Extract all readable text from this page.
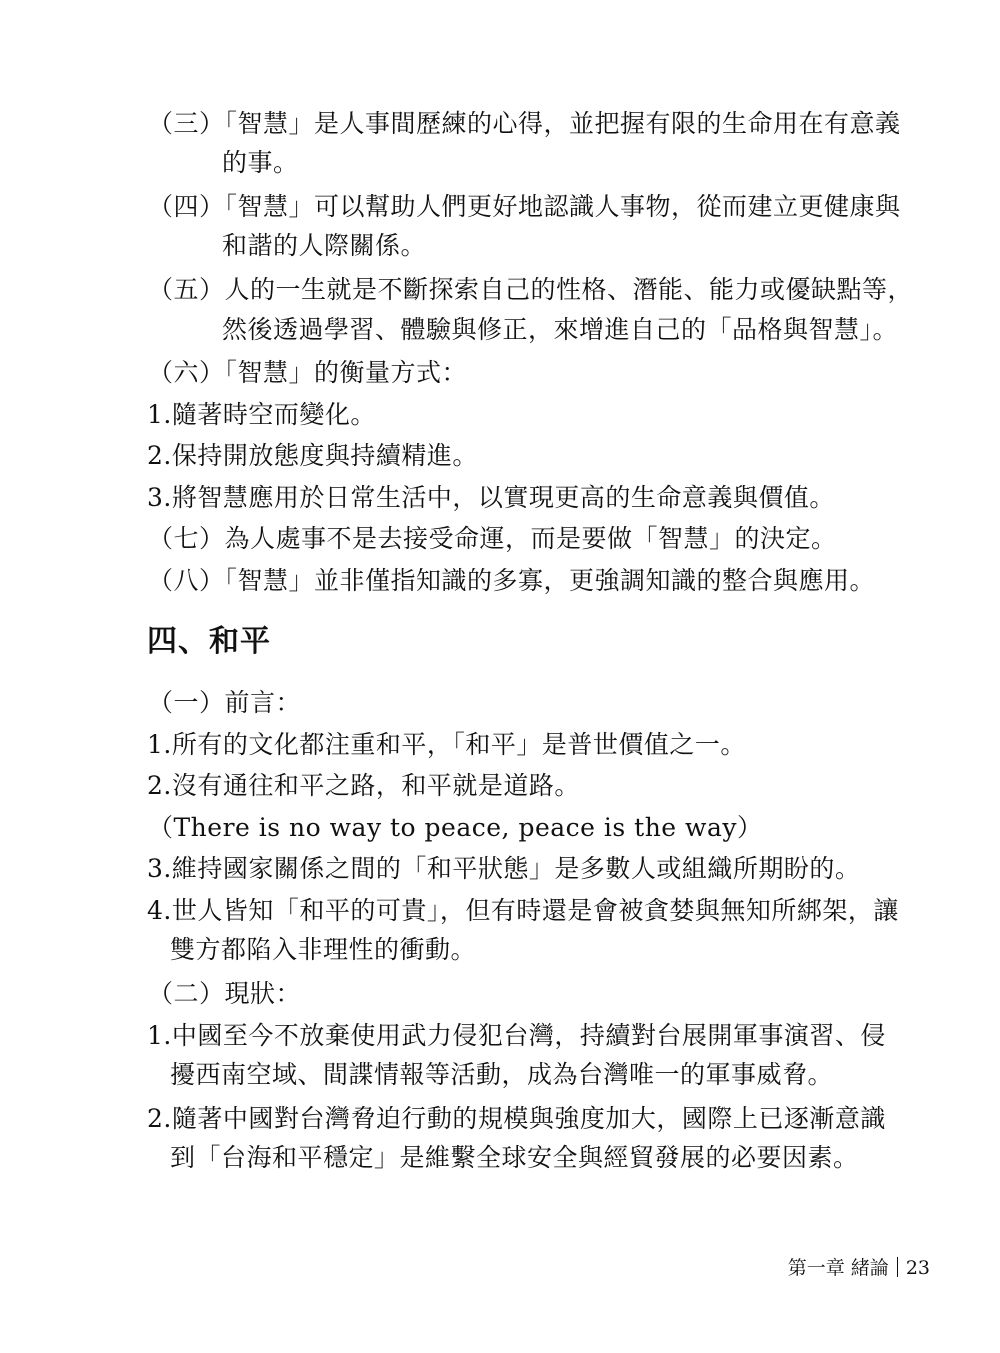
（三）「智慧」是人事間歷練的心得，並把握有限的生命用在有意義
的事。
（四）「智慧」可以幫助人們更好地認識人事物，從而建立更健康與
和諧的人際關係。
（五）人的一生就是不斷探索自己的性格、潛能、能力或優缺點等，
然後透過學習、體驗與修正，來增進自己的「品格與智慧」。
（六）「智慧」的衡量方式：
1.隨著時空而變化。
2.保持開放態度與持續精進。
3.將智慧應用於日常生活中，以實現更高的生命意義與價值。
（七）為人處事不是去接受命運，而是要做「智慧」的決定。
（八）「智慧」並非僅指知識的多寡，更強調知識的整合與應用。
四、和平
（一）前言：
1.所有的文化都注重和平，「和平」是普世價值之一。
2.沒有通往和平之路，和平就是道路。
（There is no way to peace, peace is the way）
3.維持國家關係之間的「和平狀態」是多數人或組織所期盼的。
4.世人皆知「和平的可貴」，但有時還是會被貪婪與無知所綁架，讓
雙方都陷入非理性的衝動。
（二）現狀：
1.中國至今不放棄使用武力侵犯台灣，持續對台展開軍事演習、侵
擾西南空域、間諜情報等活動，成為台灣唯一的軍事威脅。
2.隨著中國對台灣脅迫行動的規模與強度加大，國際上已逐漸意識
到「台海和平穩定」是維繫全球安全與經貿發展的必要因素。
第一章 緒論 23
